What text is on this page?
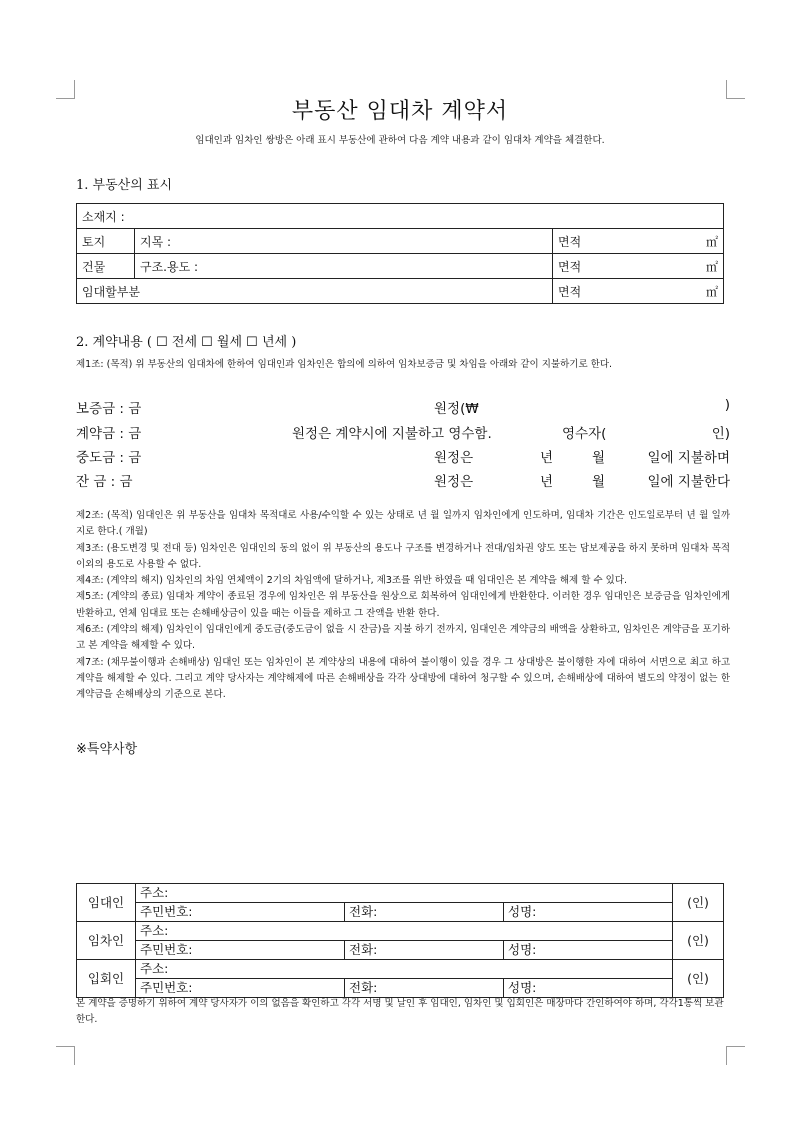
부동산 임대차 계약서
임대인과 임차인 쌍방은 아래 표시 부동산에 관하여 다음 계약 내용과 같이 임대차 계약을 체결한다.
1. 부동산의 표시
소재지 :		
토지	지목 :	면적 ㎡

건물	구조.용도 :	면적 ㎡

임대할부분		면적 ㎡
2. 계약내용 ( ☐ 전세 ☐ 월세 ☐ 년세 )
제1조: (목적) 위 부동산의 임대차에 한하여 임대인과 임차인은 합의에 의하여 임차보증금 및 차임을 아래와 같이 지불하기로 한다.
보증금 : 금	원정(₩	)
계약금 : 금	원정은 계약시에 지불하고 영수함.	영수자(	인)
중도금 : 금	원정은	년	월	일에 지불하며
잔 금 : 금	원정은	년	월	일에 지불한다

제2조: (목적) 임대인은 위 부동산을 임대차 목적대로 사용/수익할 수 있는 상태로 년 월 일까지 임차인에게 인도하며, 임대차 기간은 인도일로부터 년 월 일까지로 한다.( 개월)

제3조: (용도변경 및 전대 등) 임차인은 임대인의 동의 없이 위 부동산의 용도나 구조를 변경하거나 전대/임차권 양도 또는 담보제공을 하지 못하며 임대차 목적 이외의 용도로 사용할 수 없다.

제4조: (계약의 해지) 임차인의 차임 연체액이 2기의 차임액에 달하거나, 제3조를 위반 하였을 때 임대인은 본 계약을 해제 할 수 있다.

제5조: (계약의 종료) 임대차 계약이 종료된 경우에 임차인은 위 부동산을 원상으로 회복하여 임대인에게 반환한다. 이러한 경우 임대인은 보증금을 임차인에게 반환하고, 연체 임대료 또는 손해배상금이 있을 때는 이들을 제하고 그 잔액을 반환 한다.

제6조: (계약의 해제) 임차인이 임대인에게 중도금(중도금이 없을 시 잔금)을 지불 하기 전까지, 임대인은 계약금의 배액을 상환하고, 임차인은 계약금을 포기하고 본 계약을 해제할 수 있다.

제7조: (채무불이행과 손해배상) 임대인 또는 임차인이 본 계약상의 내용에 대하여 불이행이 있을 경우 그 상대방은 불이행한 자에 대하여 서면으로 최고 하고 계약을 해제할 수 있다. 그리고 계약 당사자는 계약해제에 따른 손해배상을 각각 상대방에 대하여 청구할 수 있으며, 손해배상에 대하여 별도의 약정이 없는 한 계약금을 손해배상의 기준으로 본다.

※특약사항
임대인	주소:			(인)
	주민번호:	전화:	성명:	
임차인	주소:			(인)
	주민번호:	전화:	성명:	
입회인	주소:			(인)
	주민번호:	전화:	성명:	
본 계약을 증명하기 위하여 계약 당사자가 이의 없음을 확인하고 각각 서명 및 날인 후 임대인, 임차인 및 입회인은 매장마다 간인하여야 하며, 각각1통씩 보관한다.
